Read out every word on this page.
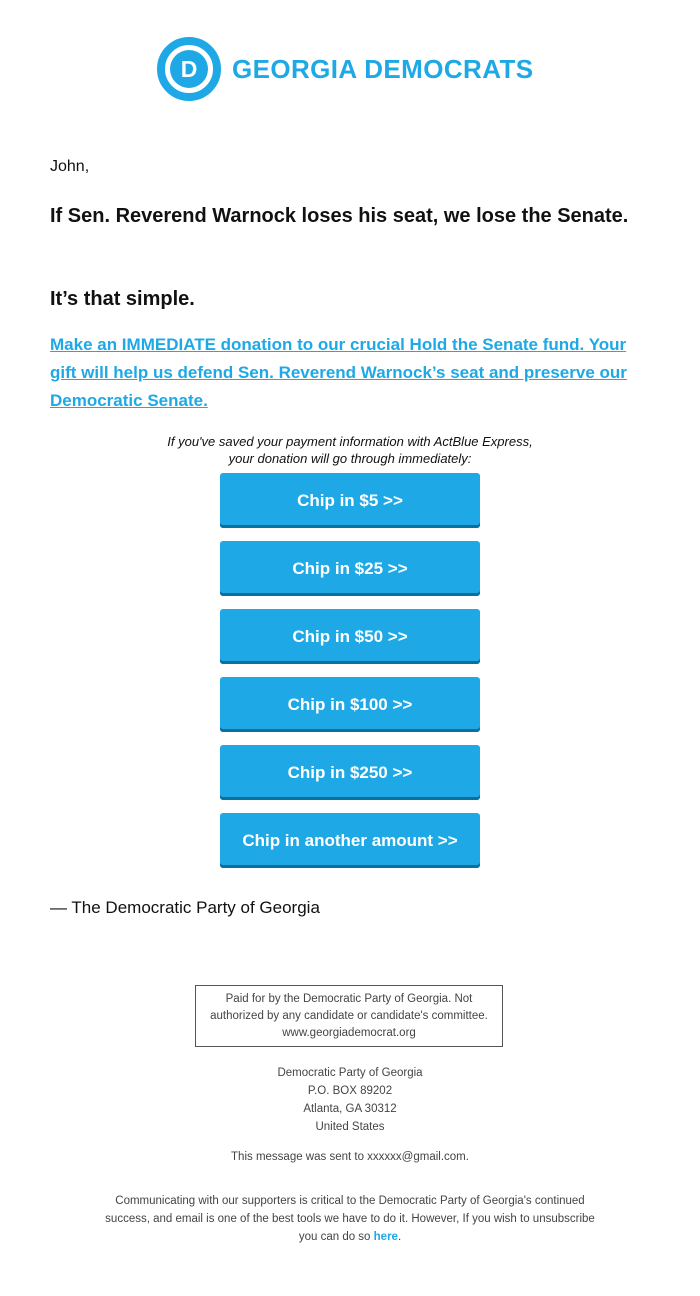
D GEORGIA DEMOCRATS

John,

If Sen. Reverend Warnock loses his seat, we lose the Senate.

It’s that simple.

Make an IMMEDIATE donation to our crucial Hold the Senate fund. Your gift will help us defend Sen. Reverend Warnock’s seat and preserve our Democratic Senate.

If you've saved your payment information with ActBlue Express,
your donation will go through immediately:

Chip in $5 >>
Chip in $25 >>
Chip in $50 >>
Chip in $100 >>
Chip in $250 >>
Chip in another amount >>

— The Democratic Party of Georgia

Paid for by the Democratic Party of Georgia. Not
authorized by any candidate or candidate's committee.
www.georgiademocrat.org
Democratic Party of Georgia
P.O. BOX 89202
Atlanta, GA 30312
United States

This message was sent to xxxxxx@gmail.com.

Communicating with our supporters is critical to the Democratic Party of Georgia's continued success, and email is one of the best tools we have to do it. However, If you wish to unsubscribe you can do so here.
